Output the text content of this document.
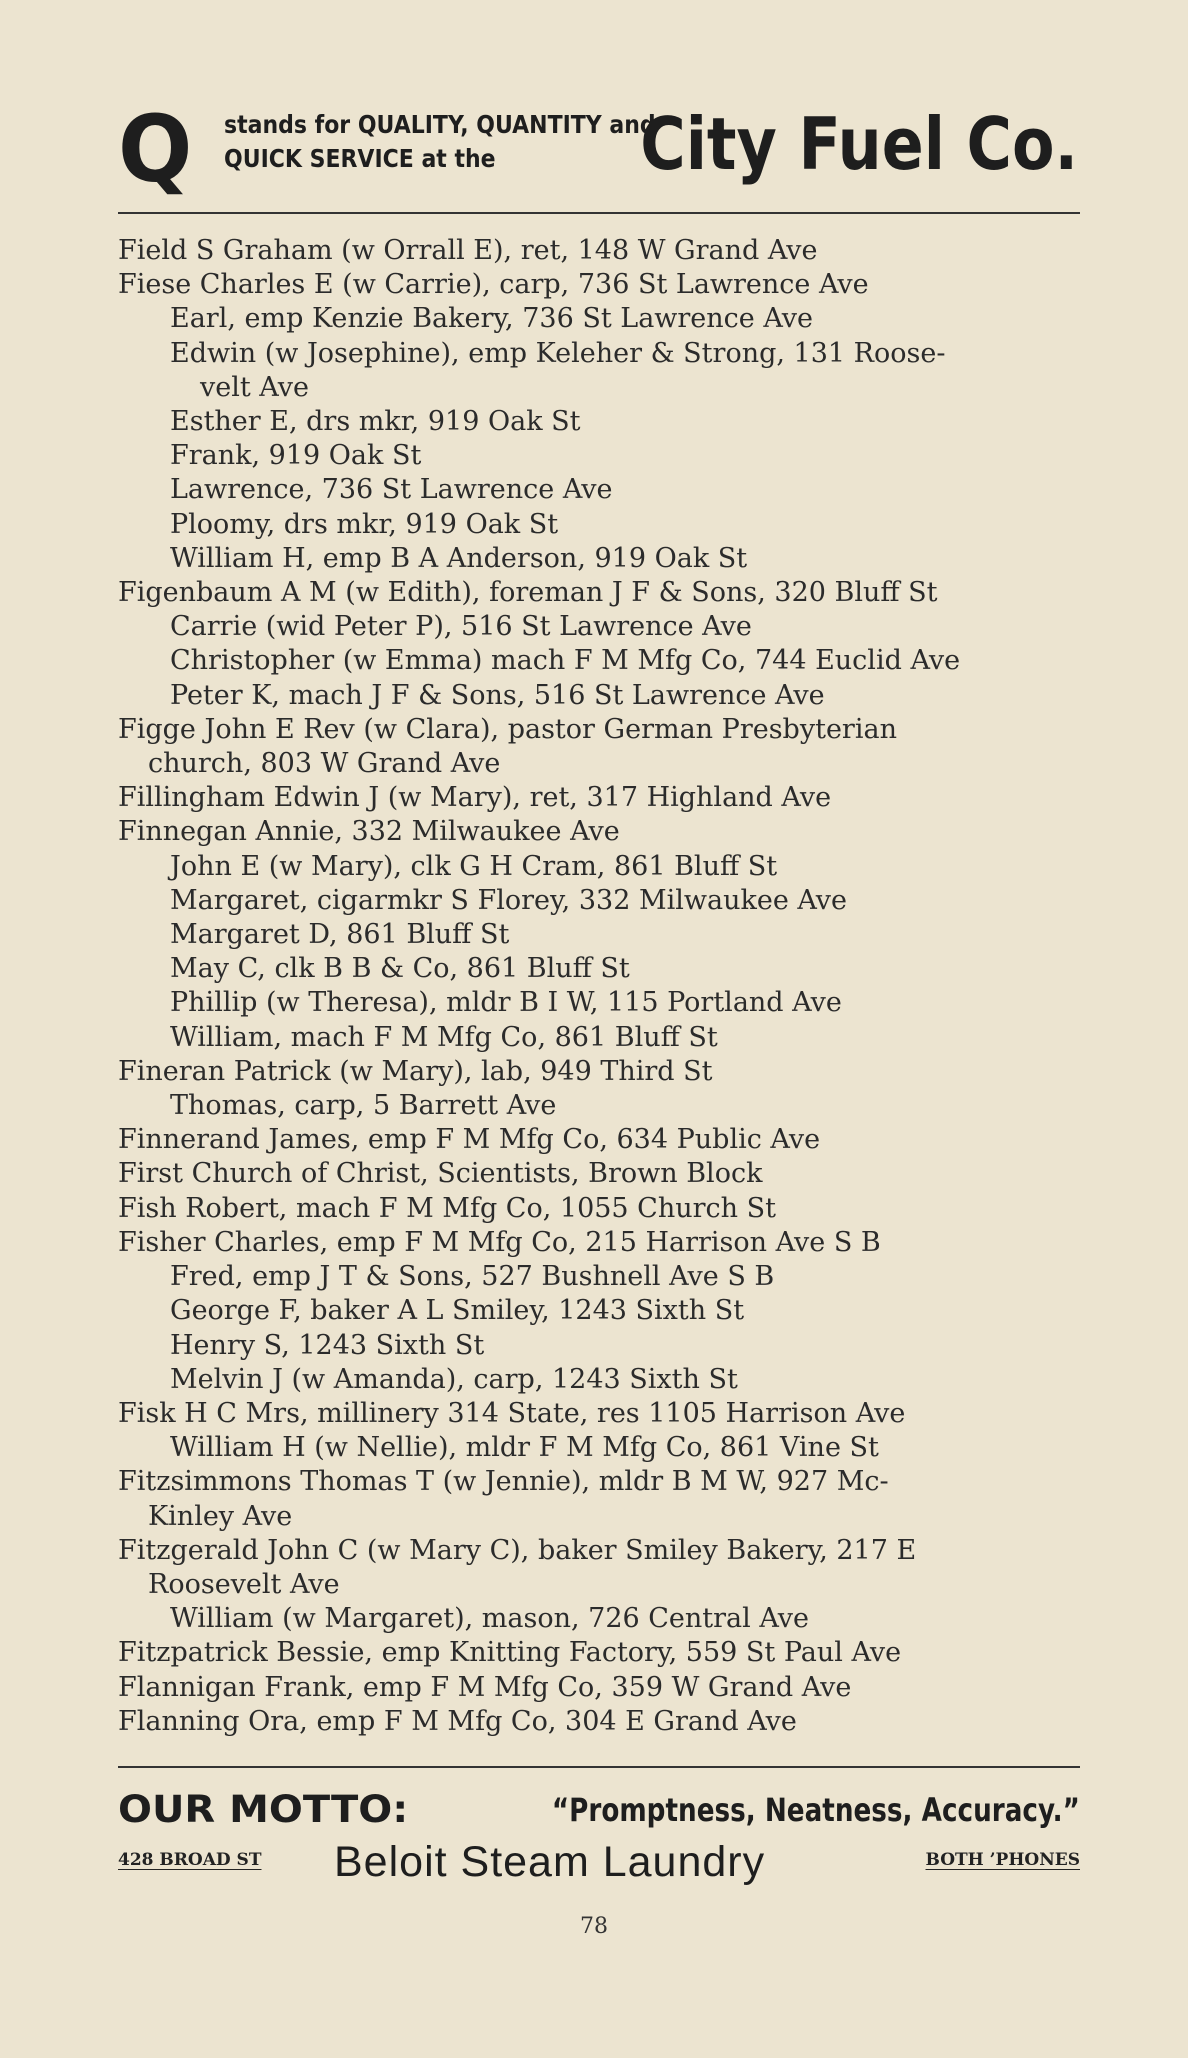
Q stands for QUALITY, QUANTITY and
QUICK SERVICE at the	City Fuel Co.
Field S Graham (w Orrall E), ret, 148 W Grand Ave
Fiese Charles E (w Carrie), carp, 736 St Lawrence Ave
Earl, emp Kenzie Bakery, 736 St Lawrence Ave
Edwin (w Josephine), emp Keleher & Strong, 131 Roose-
velt Ave
Esther E, drs mkr, 919 Oak St
Frank, 919 Oak St
Lawrence, 736 St Lawrence Ave
Ploomy, drs mkr, 919 Oak St
William H, emp B A Anderson, 919 Oak St
Figenbaum A M (w Edith), foreman J F & Sons, 320 Bluff St
Carrie (wid Peter P), 516 St Lawrence Ave
Christopher (w Emma) mach F M Mfg Co, 744 Euclid Ave
Peter K, mach J F & Sons, 516 St Lawrence Ave
Figge John E Rev (w Clara), pastor German Presbyterian
church, 803 W Grand Ave
Fillingham Edwin J (w Mary), ret, 317 Highland Ave
Finnegan Annie, 332 Milwaukee Ave
John E (w Mary), clk G H Cram, 861 Bluff St
Margaret, cigarmkr S Florey, 332 Milwaukee Ave
Margaret D, 861 Bluff St
May C, clk B B & Co, 861 Bluff St
Phillip (w Theresa), mldr B I W, 115 Portland Ave
William, mach F M Mfg Co, 861 Bluff St
Fineran Patrick (w Mary), lab, 949 Third St
Thomas, carp, 5 Barrett Ave
Finnerand James, emp F M Mfg Co, 634 Public Ave
First Church of Christ, Scientists, Brown Block
Fish Robert, mach F M Mfg Co, 1055 Church St
Fisher Charles, emp F M Mfg Co, 215 Harrison Ave S B
Fred, emp J T & Sons, 527 Bushnell Ave S B
George F, baker A L Smiley, 1243 Sixth St
Henry S, 1243 Sixth St
Melvin J (w Amanda), carp, 1243 Sixth St
Fisk H C Mrs, millinery 314 State, res 1105 Harrison Ave
William H (w Nellie), mldr F M Mfg Co, 861 Vine St
Fitzsimmons Thomas T (w Jennie), mldr B M W, 927 Mc-
Kinley Ave
Fitzgerald John C (w Mary C), baker Smiley Bakery, 217 E
Roosevelt Ave
William (w Margaret), mason, 726 Central Ave
Fitzpatrick Bessie, emp Knitting Factory, 559 St Paul Ave
Flannigan Frank, emp F M Mfg Co, 359 W Grand Ave
Flanning Ora, emp F M Mfg Co, 304 E Grand Ave
OUR MOTTO:	“Promptness, Neatness, Accuracy.”
428 BROAD ST Beloit Steam Laundry	BOTH ’PHONES
78
